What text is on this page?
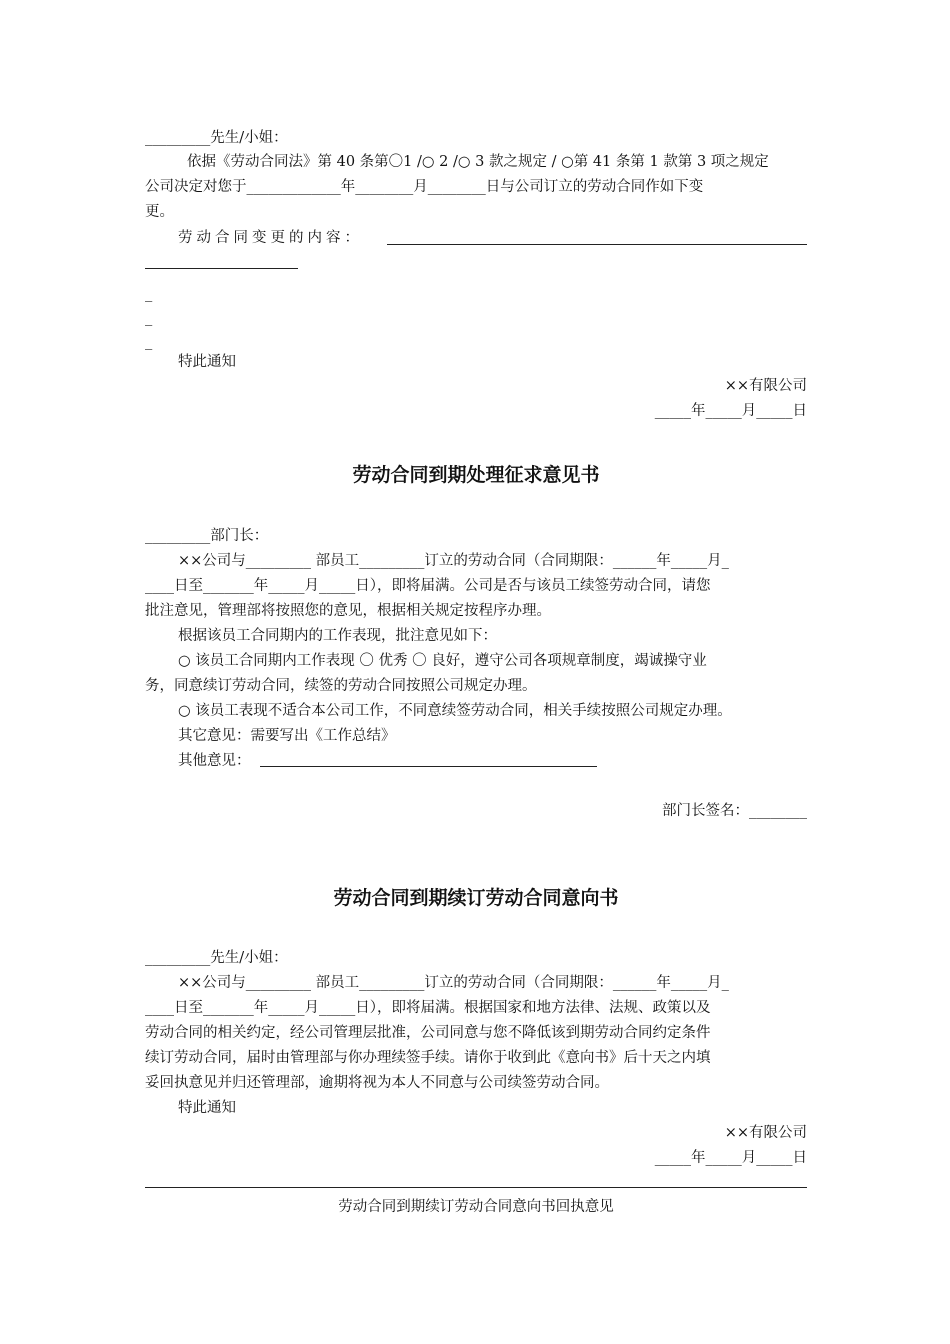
_________先生/小姐：
依据《劳动合同法》第 40 条第〇1 /○ 2 /○ 3 款之规定 / ○第 41 条第 1 款第 3 项之规定
公司决定对您于_____________年________月________日与公司订立的劳动合同作如下变
更。
劳动合同变更的内容：
_
_
_
特此通知
××有限公司
_____年_____月_____日
劳动合同到期处理征求意见书
_________部门长：
××公司与_________ 部员工_________订立的劳动合同（合同期限：______年_____月_
____日至_______年_____月_____日），即将届满。公司是否与该员工续签劳动合同，请您
批注意见，管理部将按照您的意见，根据相关规定按程序办理。
根据该员工合同期内的工作表现，批注意见如下：
○ 该员工合同期内工作表现 〇 优秀 〇 良好，遵守公司各项规章制度，竭诚操守业
务，同意续订劳动合同，续签的劳动合同按照公司规定办理。
○ 该员工表现不适合本公司工作，不同意续签劳动合同，相关手续按照公司规定办理。
其它意见：需要写出《工作总结》
其他意见：
部门长签名：________
劳动合同到期续订劳动合同意向书
_________先生/小姐：
××公司与_________ 部员工_________订立的劳动合同（合同期限：______年_____月_
____日至_______年_____月_____日），即将届满。根据国家和地方法律、法规、政策以及
劳动合同的相关约定，经公司管理层批准，公司同意与您不降低该到期劳动合同约定条件
续订劳动合同，届时由管理部与你办理续签手续。请你于收到此《意向书》后十天之内填
妥回执意见并归还管理部，逾期将视为本人不同意与公司续签劳动合同。
特此通知
××有限公司
_____年_____月_____日
劳动合同到期续订劳动合同意向书回执意见
